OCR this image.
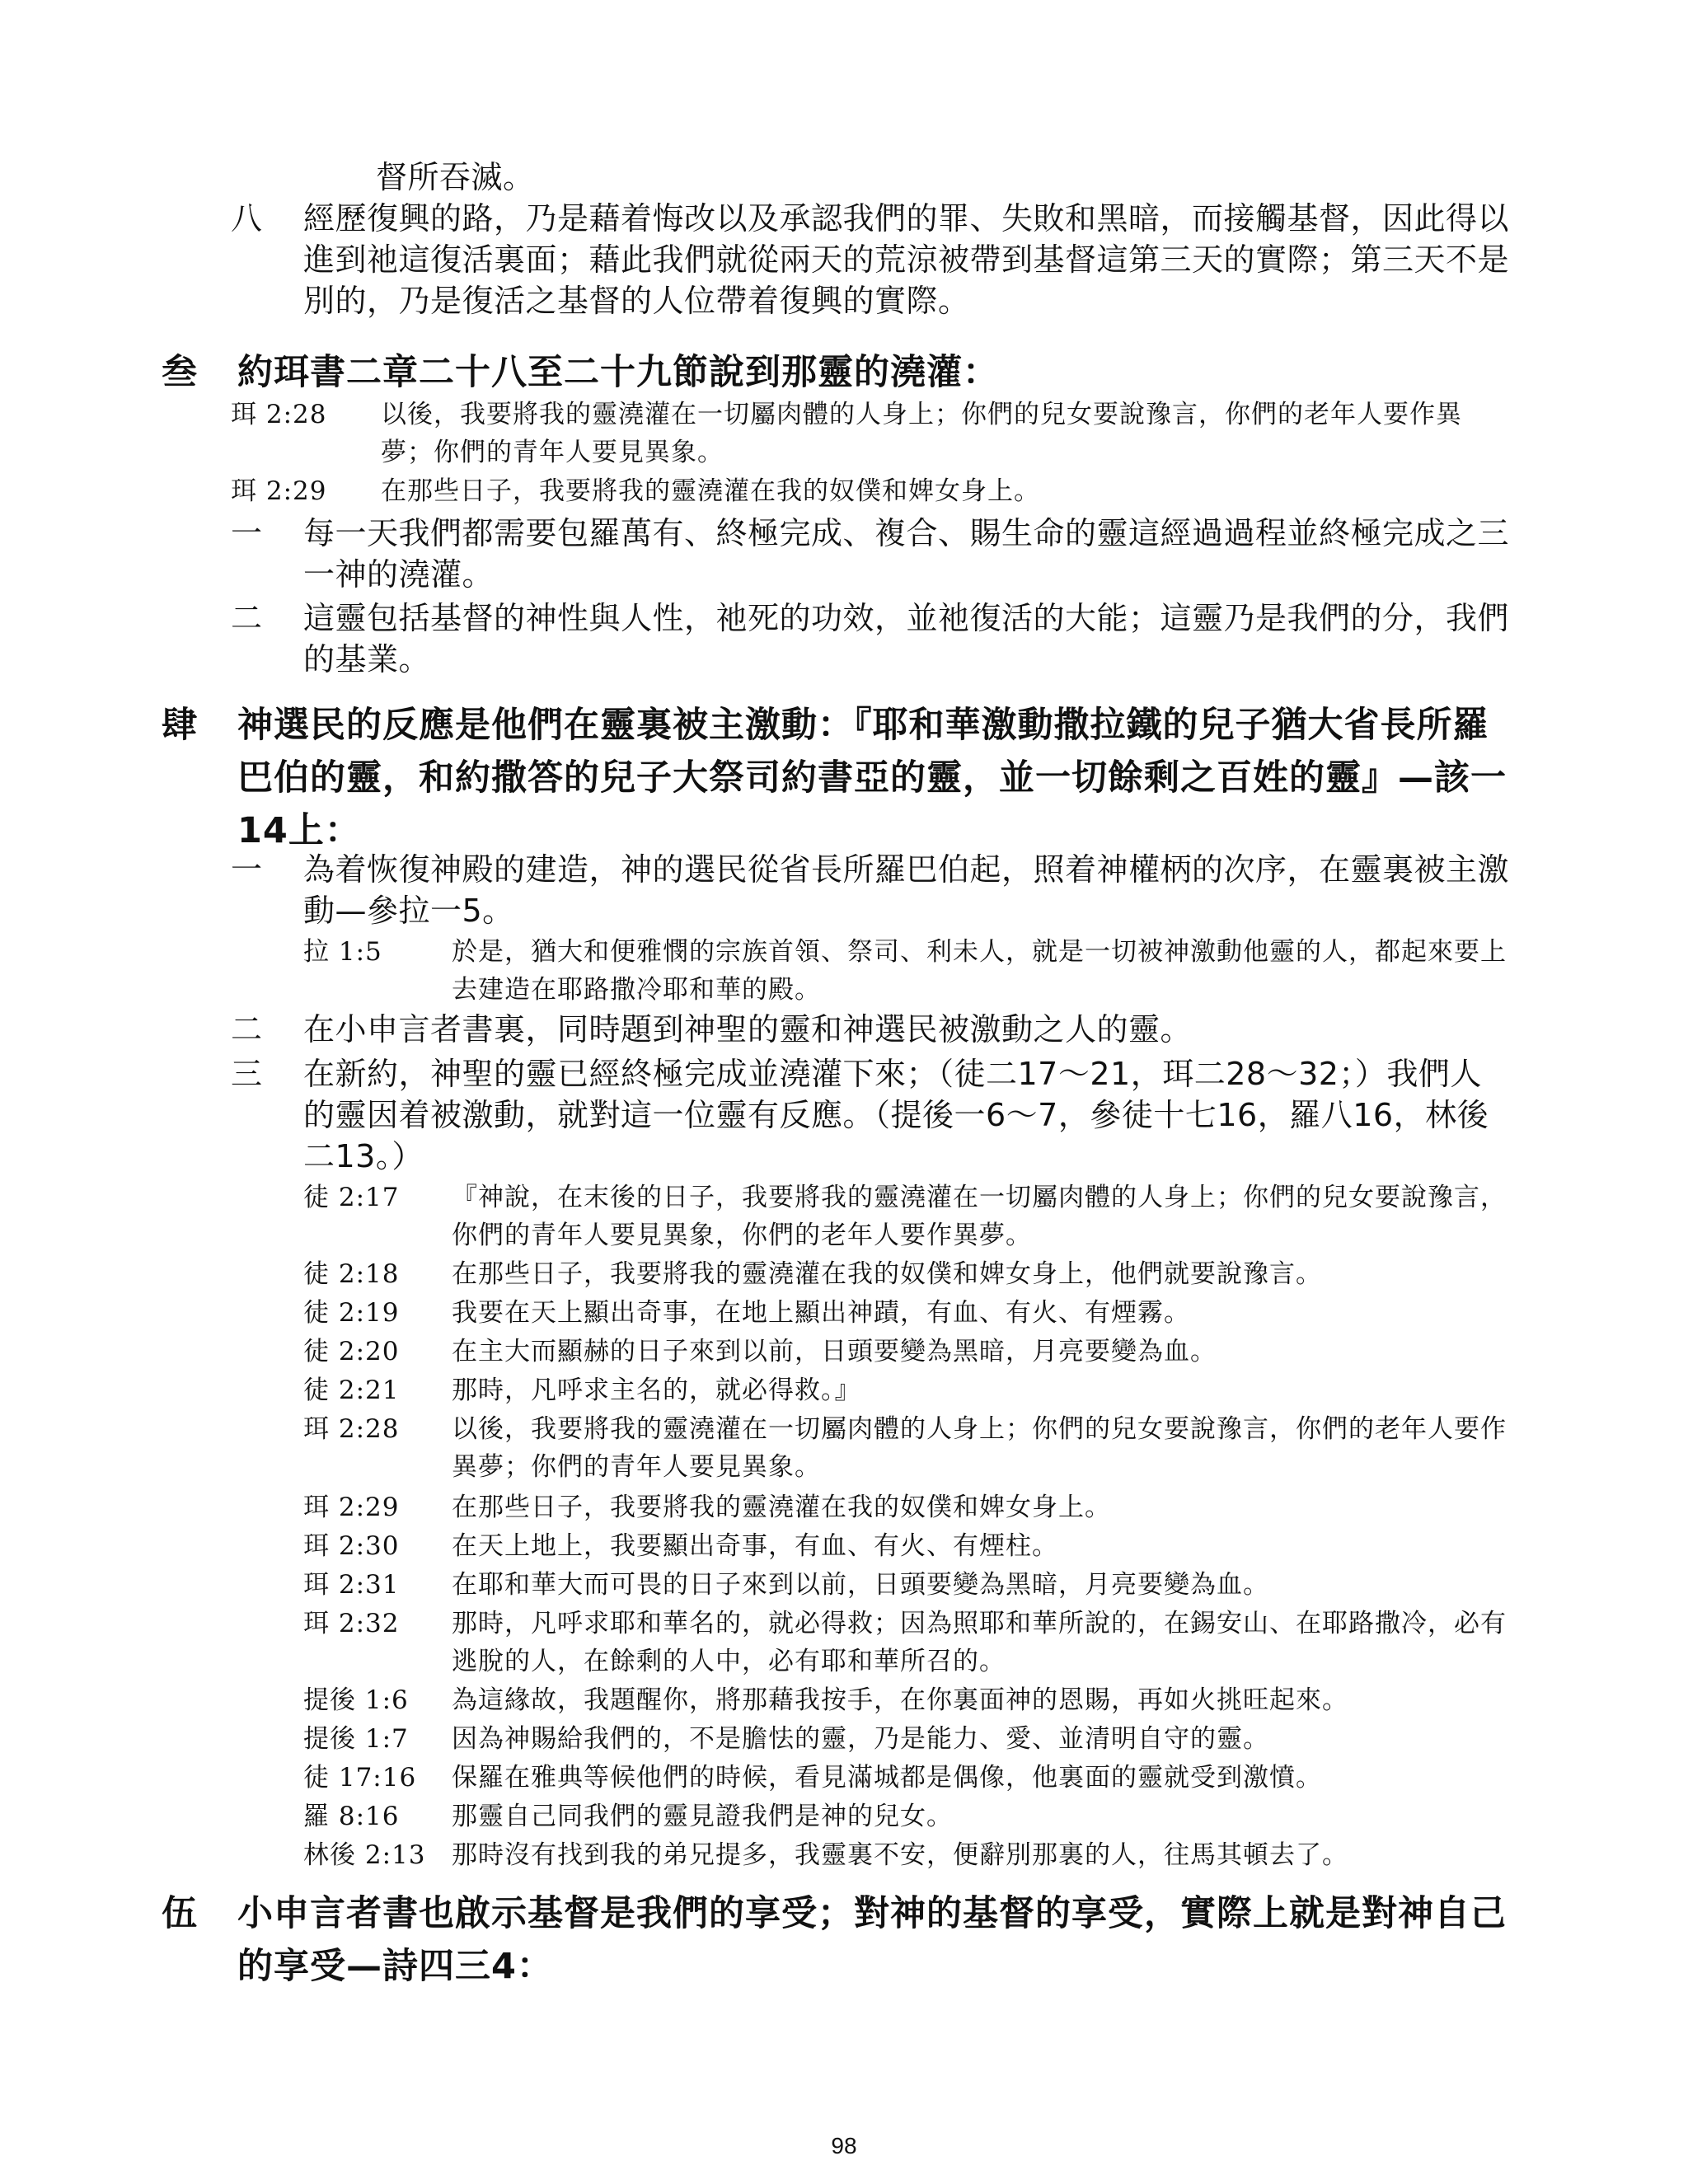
督所吞滅。
八	經歷復興的路，乃是藉着悔改以及承認我們的罪、失敗和黑暗，而接觸基督，因此得以進到祂這復活裏面；藉此我們就從兩天的荒涼被帶到基督這第三天的實際；第三天不是別的，乃是復活之基督的人位帶着復興的實際。
叁	約珥書二章二十八至二十九節說到那靈的澆灌：
珥 2:28	以後，我要將我的靈澆灌在一切屬肉體的人身上；你們的兒女要說豫言，你們的老年人要作異夢；你們的青年人要見異象。
珥 2:29	在那些日子，我要將我的靈澆灌在我的奴僕和婢女身上。
一	每一天我們都需要包羅萬有、終極完成、複合、賜生命的靈這經過過程並終極完成之三一神的澆灌。
二	這靈包括基督的神性與人性，祂死的功效，並祂復活的大能；這靈乃是我們的分，我們的基業。
肆	神選民的反應是他們在靈裏被主激動：『耶和華激動撒拉鐵的兒子猶大省長所羅巴伯的靈，和約撒答的兒子大祭司約書亞的靈，並一切餘剩之百姓的靈』—該一14上：
一	為着恢復神殿的建造，神的選民從省長所羅巴伯起，照着神權柄的次序，在靈裏被主激動—參拉一5。
拉 1:5	於是，猶大和便雅憫的宗族首領、祭司、利未人，就是一切被神激動他靈的人，都起來要上去建造在耶路撒冷耶和華的殿。
二	在小申言者書裏，同時題到神聖的靈和神選民被激動之人的靈。
三	在新約，神聖的靈已經終極完成並澆灌下來；（徒二17～21，珥二28～32；）我們人的靈因着被激動，就對這一位靈有反應。（提後一6～7，參徒十七16，羅八16，林後二13。）
徒 2:17	『神說，在末後的日子，我要將我的靈澆灌在一切屬肉體的人身上；你們的兒女要說豫言，你們的青年人要見異象，你們的老年人要作異夢。
徒 2:18	在那些日子，我要將我的靈澆灌在我的奴僕和婢女身上，他們就要說豫言。
徒 2:19	我要在天上顯出奇事，在地上顯出神蹟，有血、有火、有煙霧。
徒 2:20	在主大而顯赫的日子來到以前，日頭要變為黑暗，月亮要變為血。
徒 2:21	那時，凡呼求主名的，就必得救。』
珥 2:28	以後，我要將我的靈澆灌在一切屬肉體的人身上；你們的兒女要說豫言，你們的老年人要作異夢；你們的青年人要見異象。
珥 2:29	在那些日子，我要將我的靈澆灌在我的奴僕和婢女身上。
珥 2:30	在天上地上，我要顯出奇事，有血、有火、有煙柱。
珥 2:31	在耶和華大而可畏的日子來到以前，日頭要變為黑暗，月亮要變為血。
珥 2:32	那時，凡呼求耶和華名的，就必得救；因為照耶和華所說的，在錫安山、在耶路撒冷，必有逃脫的人，在餘剩的人中，必有耶和華所召的。
提後 1:6	為這緣故，我題醒你，將那藉我按手，在你裏面神的恩賜，再如火挑旺起來。
提後 1:7	因為神賜給我們的，不是膽怯的靈，乃是能力、愛、並清明自守的靈。
徒 17:16	保羅在雅典等候他們的時候，看見滿城都是偶像，他裏面的靈就受到激憤。
羅 8:16	那靈自己同我們的靈見證我們是神的兒女。
林後 2:13	那時沒有找到我的弟兄提多，我靈裏不安，便辭別那裏的人，往馬其頓去了。
伍	小申言者書也啟示基督是我們的享受；對神的基督的享受，實際上就是對神自己的享受—詩四三4：
98
